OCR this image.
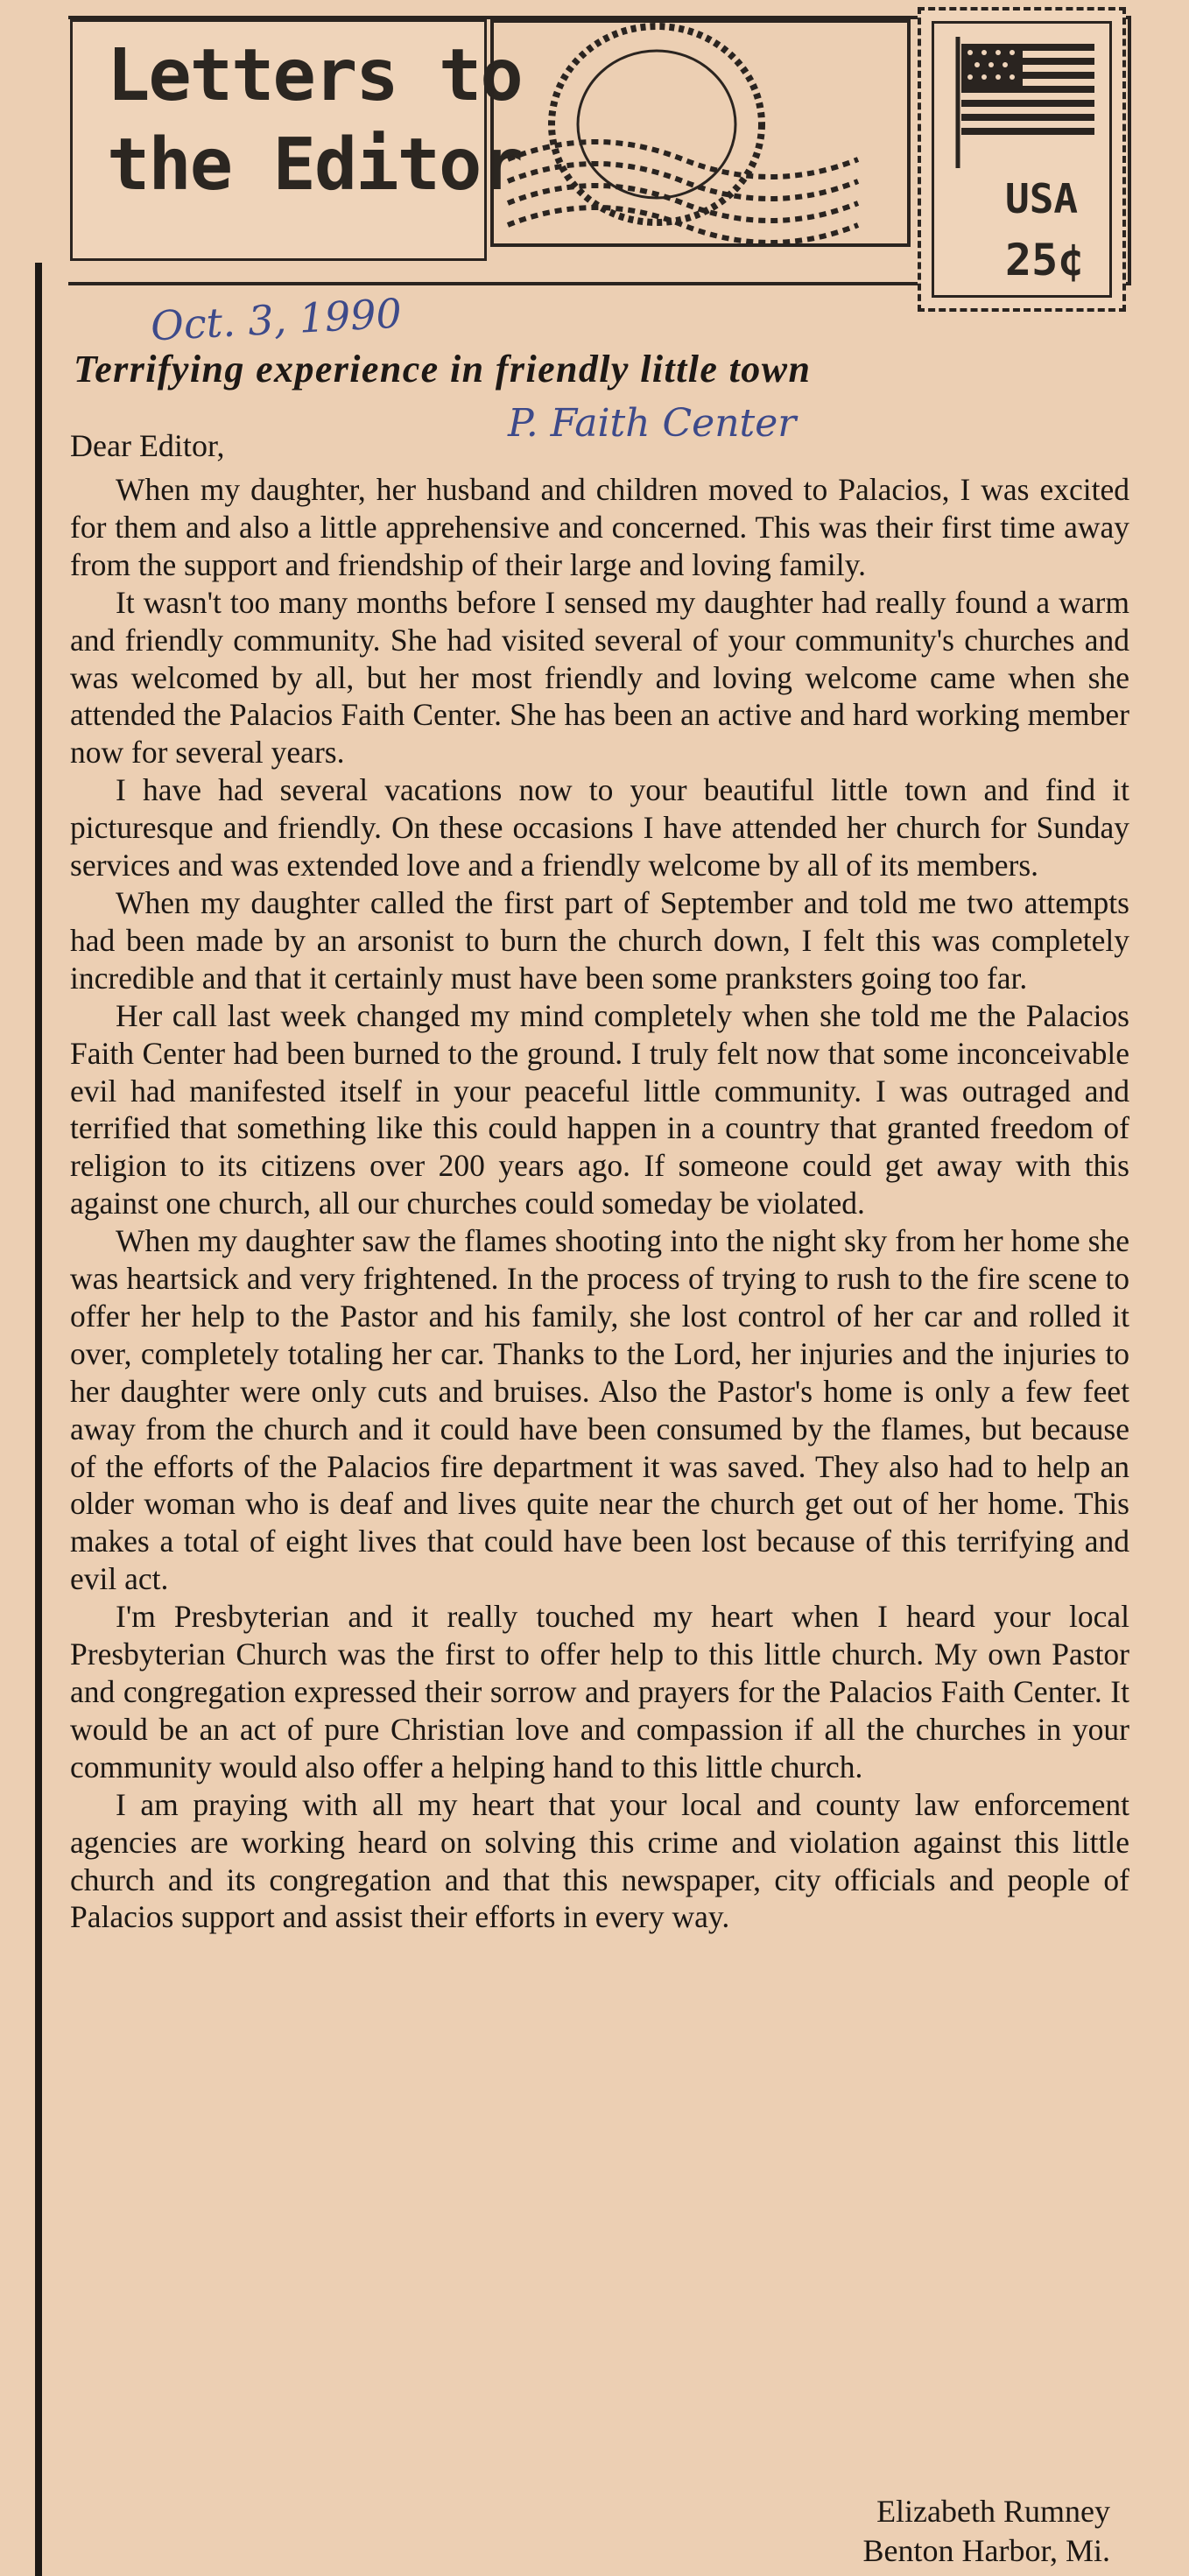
Letters to
the Editor	USA
25¢
Oct. 3, 1990
P. Faith Center
Terrifying experience in friendly little town
Dear Editor,

When my daughter, her husband and children moved to Palacios, I was excited for them and also a little apprehensive and concerned. This was their first time away from the support and friendship of their large and loving family.

It wasn't too many months before I sensed my daughter had really found a warm and friendly community. She had visited several of your community's churches and was welcomed by all, but her most friendly and loving welcome came when she attended the Palacios Faith Center. She has been an active and hard working member now for several years.

I have had several vacations now to your beautiful little town and find it picturesque and friendly. On these occasions I have attended her church for Sunday services and was extended love and a friendly welcome by all of its members.

When my daughter called the first part of September and told me two attempts had been made by an arsonist to burn the church down, I felt this was completely incredible and that it certainly must have been some pranksters going too far.

Her call last week changed my mind completely when she told me the Palacios Faith Center had been burned to the ground. I truly felt now that some inconceivable evil had manifested itself in your peaceful little community. I was outraged and terrified that something like this could happen in a country that granted freedom of religion to its citizens over 200 years ago. If someone could get away with this against one church, all our churches could someday be violated.

When my daughter saw the flames shooting into the night sky from her home she was heartsick and very frightened. In the process of trying to rush to the fire scene to offer her help to the Pastor and his family, she lost control of her car and rolled it over, completely totaling her car. Thanks to the Lord, her injuries and the injuries to her daughter were only cuts and bruises. Also the Pastor's home is only a few feet away from the church and it could have been consumed by the flames, but because of the efforts of the Palacios fire department it was saved. They also had to help an older woman who is deaf and lives quite near the church get out of her home. This makes a total of eight lives that could have been lost because of this terrifying and evil act.

I'm Presbyterian and it really touched my heart when I heard your local Presbyterian Church was the first to offer help to this little church. My own Pastor and congregation expressed their sorrow and prayers for the Palacios Faith Center. It would be an act of pure Christian love and compassion if all the churches in your community would also offer a helping hand to this little church.

I am praying with all my heart that your local and county law enforcement agencies are working heard on solving this crime and violation against this little church and its congregation and that this newspaper, city officials and people of Palacios support and assist their efforts in every way.

Elizabeth Rumney
Benton Harbor, Mi.
